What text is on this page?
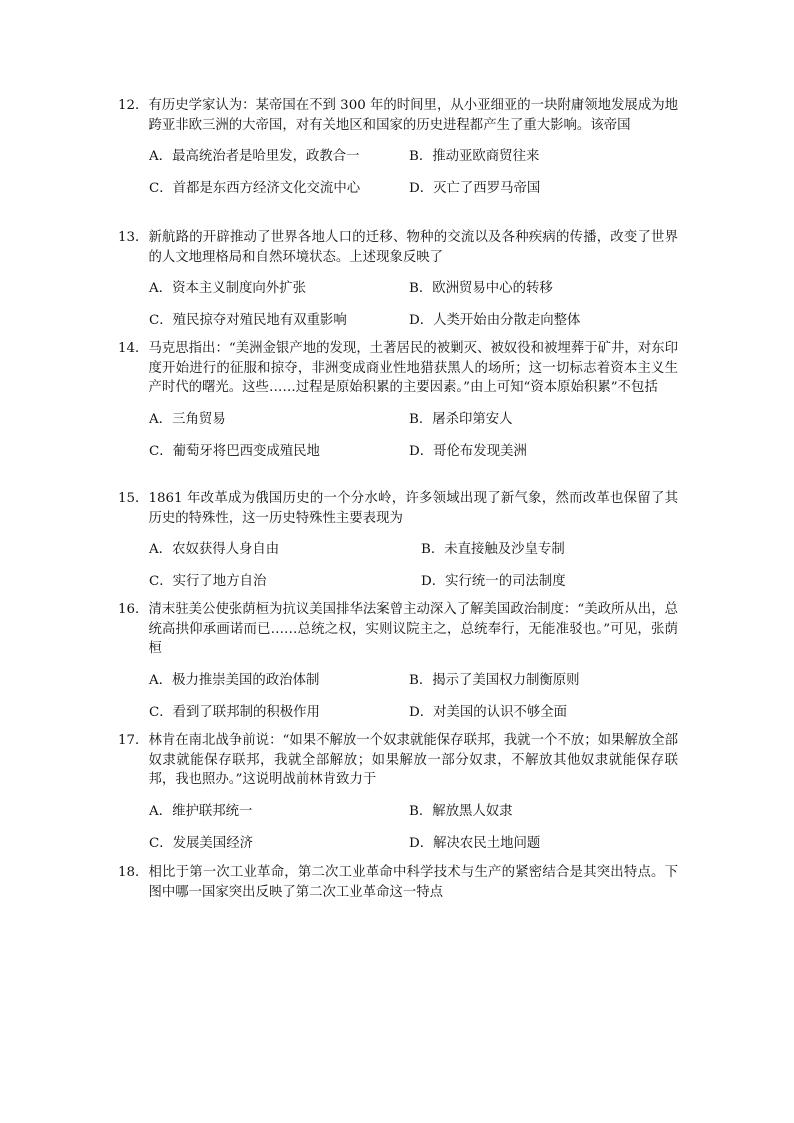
12． 有历史学家认为：某帝国在不到 300 年的时间里，从小亚细亚的一块附庸领地发展成为地跨亚非欧三洲的大帝国，对有关地区和国家的历史进程都产生了重大影响。该帝国
A．最高统治者是哈里发，政教合一	B．推动亚欧商贸往来
C．首都是东西方经济文化交流中心	D．灭亡了西罗马帝国
13． 新航路的开辟推动了世界各地人口的迁移、物种的交流以及各种疾病的传播，改变了世界的人文地理格局和自然环境状态。上述现象反映了
A．资本主义制度向外扩张	B．欧洲贸易中心的转移
C．殖民掠夺对殖民地有双重影响	D．人类开始由分散走向整体
14． 马克思指出：“美洲金银产地的发现，土著居民的被剿灭、被奴役和被埋葬于矿井，对东印度开始进行的征服和掠夺，非洲变成商业性地猎获黑人的场所；这一切标志着资本主义生产时代的曙光。这些……过程是原始积累的主要因素。”由上可知“资本原始积累”不包括
A．三角贸易	B．屠杀印第安人
C．葡萄牙将巴西变成殖民地	D．哥伦布发现美洲
15． 1861 年改革成为俄国历史的一个分水岭，许多领域出现了新气象，然而改革也保留了其历史的特殊性，这一历史特殊性主要表现为
A．农奴获得人身自由	B．未直接触及沙皇专制
C．实行了地方自治	D．实行统一的司法制度
16． 清末驻美公使张荫桓为抗议美国排华法案曾主动深入了解美国政治制度：“美政所从出，总统高拱仰承画诺而已……总统之权，实则议院主之，总统奉行，无能准驳也。”可见，张荫桓
A．极力推崇美国的政治体制	B．揭示了美国权力制衡原则
C．看到了联邦制的积极作用	D．对美国的认识不够全面
17． 林肯在南北战争前说：“如果不解放一个奴隶就能保存联邦，我就一个不放；如果解放全部奴隶就能保存联邦，我就全部解放；如果解放一部分奴隶，不解放其他奴隶就能保存联邦，我也照办。”这说明战前林肯致力于
A．维护联邦统一	B．解放黑人奴隶
C．发展美国经济	D．解决农民土地问题
18． 相比于第一次工业革命，第二次工业革命中科学技术与生产的紧密结合是其突出特点。下图中哪一国家突出反映了第二次工业革命这一特点
